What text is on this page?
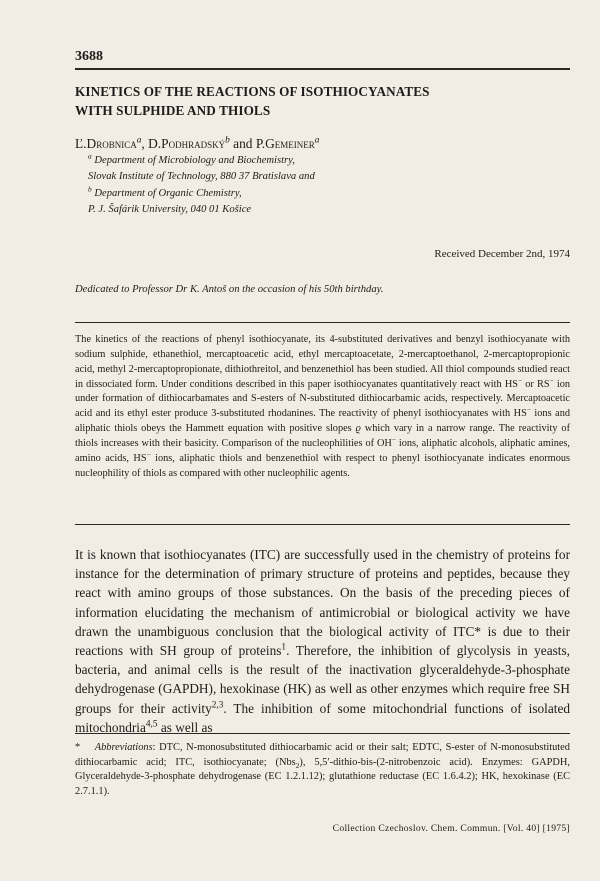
3688
KINETICS OF THE REACTIONS OF ISOTHIOCYANATES
WITH SULPHIDE AND THIOLS
Ľ.Drobnica$^a$, D.Podhradský$^b$ and P.Gemeiner$^a$
$^a$ Department of Microbiology and Biochemistry,
Slovak Institute of Technology, 880 37 Bratislava and
$^b$ Department of Organic Chemistry,
P. J. Šafárik University, 040 01 Košice
Received December 2nd, 1974
Dedicated to Professor Dr K. Antoš on the occasion of his 50th birthday.
The kinetics of the reactions of phenyl isothiocyanate, its 4-substituted derivatives and benzyl isothiocyanate with sodium sulphide, ethanethiol, mercaptoacetic acid, ethyl mercaptoacetate, 2-mercaptoethanol, 2-mercaptopropionic acid, methyl 2-mercaptopropionate, dithiothreitol, and benzenethiol has been studied. All thiol compounds studied react in dissociated form. Under conditions described in this paper isothiocyanates quantitatively react with HS− or RS− ion under formation of dithiocarbamates and S-esters of N-substituted dithiocarbamic acids, respectively. Mercaptoacetic acid and its ethyl ester produce 3-substituted rhodanines. The reactivity of phenyl isothiocyanates with HS− ions and aliphatic thiols obeys the Hammett equation with positive slopes ϱ which vary in a narrow range. The reactivity of thiols increases with their basicity. Comparison of the nucleophilities of OH− ions, aliphatic alcohols, aliphatic amines, amino acids, HS− ions, aliphatic thiols and benzenethiol with respect to phenyl isothiocyanate indicates enormous nucleophility of thiols as compared with other nucleophilic agents.
It is known that isothiocyanates (ITC) are successfully used in the chemistry of proteins for instance for the determination of primary structure of proteins and peptides, because they react with amino groups of those substances. On the basis of the preceding pieces of information elucidating the mechanism of antimicrobial or biological activity we have drawn the unambiguous conclusion that the biological activity of ITC* is due to their reactions with SH group of proteins$^1$. Therefore, the inhibition of glycolysis in yeasts, bacteria, and animal cells is the result of the inactivation glyceraldehyde-3-phosphate dehydrogenase (GAPDH), hexokinase (HK) as well as other enzymes which require free SH groups for their activity$^{2,3}$. The inhibition of some mitochondrial functions of isolated mitochondria$^{4,5}$ as well as
* Abbreviations: DTC, N-monosubstituted dithiocarbamic acid or their salt; EDTC, S-ester of N-monosubstituted dithiocarbamic acid; ITC, isothiocyanate; (Nbs$_2$), 5,5′-dithio-bis-(2-nitrobenzoic acid). Enzymes: GAPDH, Glyceraldehyde-3-phosphate dehydrogenase (EC 1.2.1.12); glutathione reductase (EC 1.6.4.2); HK, hexokinase (EC 2.7.1.1).
Collection Czechoslov. Chem. Commun. [Vol. 40] [1975]
